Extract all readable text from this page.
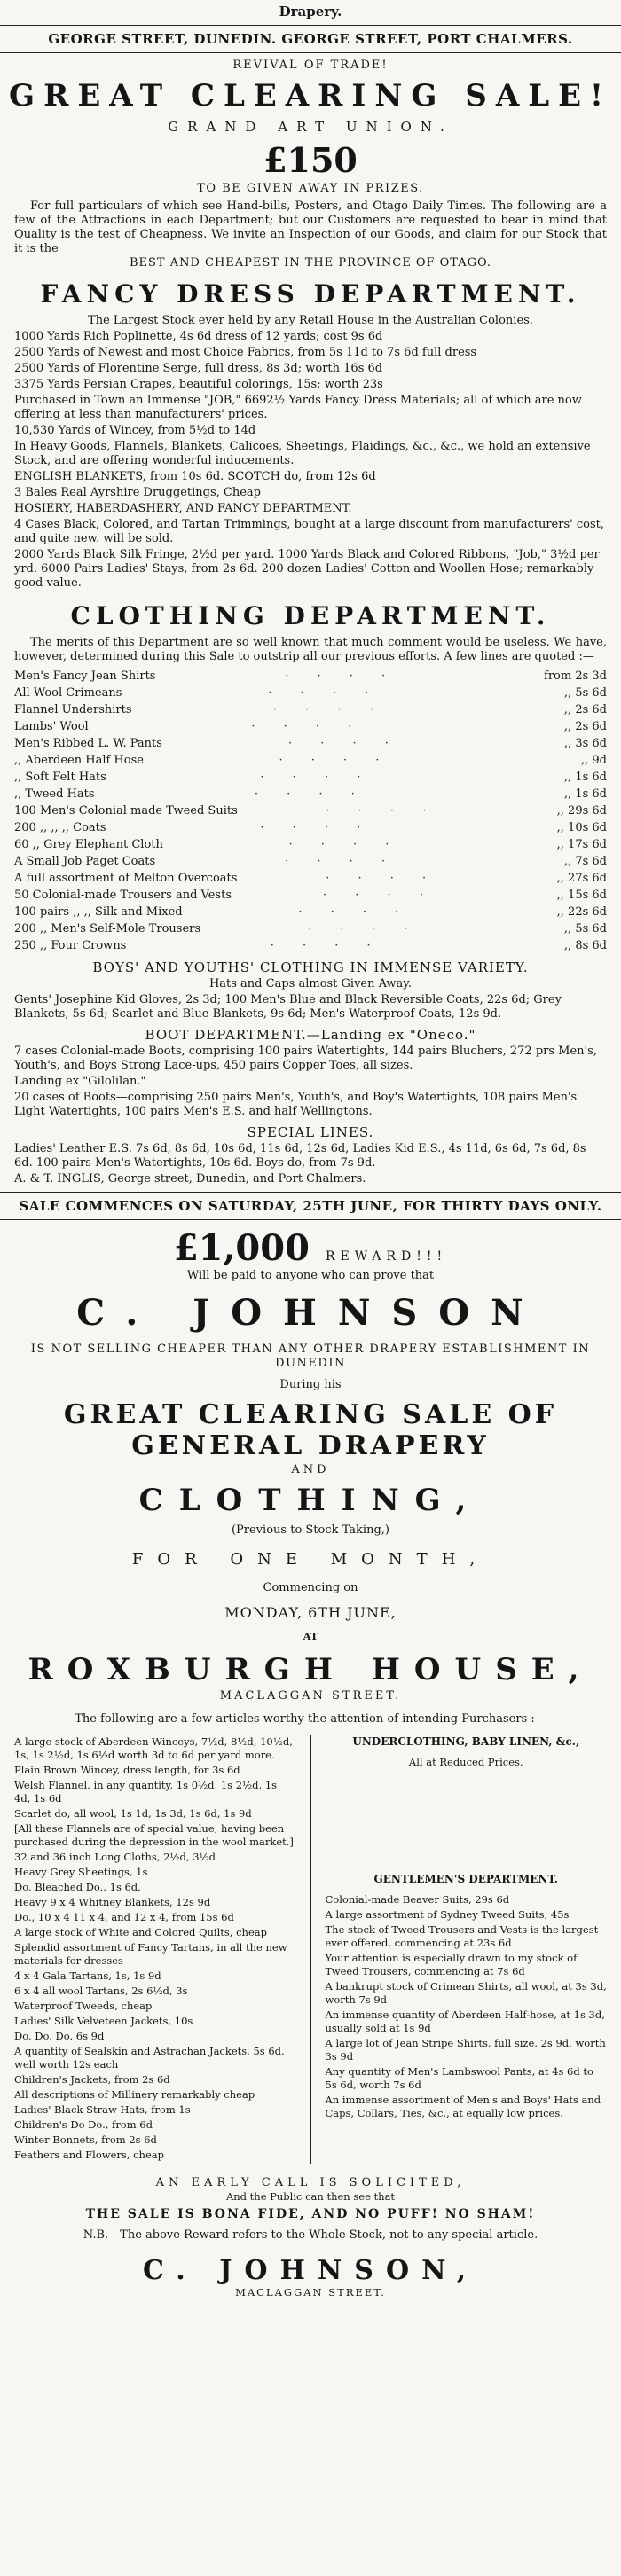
Drapery.
GEORGE STREET, DUNEDIN. GEORGE STREET, PORT CHALMERS.
REVIVAL OF TRADE!
GREAT CLEARING SALE!
GRAND ART UNION.
£150
TO BE GIVEN AWAY IN PRIZES.
For full particulars of which see Hand-bills, Posters, and Otago Daily Times. The following are a few of the Attractions in each Department; but our Customers are requested to bear in mind that Quality is the test of Cheapness. We invite an Inspection of our Goods, and claim for our Stock that it is the
BEST AND CHEAPEST IN THE PROVINCE OF OTAGO.
FANCY DRESS DEPARTMENT.
The Largest Stock ever held by any Retail House in the Australian Colonies.
1000 Yards Rich Poplinette, 4s 6d dress of 12 yards; cost 9s 6d
2500 Yards of Newest and most Choice Fabrics, from 5s 11d to 7s 6d full dress
2500 Yards of Florentine Serge, full dress, 8s 3d; worth 16s 6d
3375 Yards Persian Crapes, beautiful colorings, 15s; worth 23s
Purchased in Town an Immense "JOB," 6692½ Yards Fancy Dress Materials; all of which are now offering at less than manufacturers' prices.
10,530 Yards of Wincey, from 5½d to 14d
In Heavy Goods, Flannels, Blankets, Calicoes, Sheetings, Plaidings, &c., &c., we hold an extensive Stock, and are offering wonderful inducements.
ENGLISH BLANKETS, from 10s 6d. SCOTCH do, from 12s 6d
3 Bales Real Ayrshire Druggetings, Cheap
HOSIERY, HABERDASHERY, AND FANCY DEPARTMENT.
4 Cases Black, Colored, and Tartan Trimmings, bought at a large discount from manufacturers' cost, and quite new. will be sold.
2000 Yards Black Silk Fringe, 2½d per yard. 1000 Yards Black and Colored Ribbons, "Job," 3½d per yrd. 6000 Pairs Ladies' Stays, from 2s 6d. 200 dozen Ladies' Cotton and Woollen Hose; remarkably good value.
CLOTHING DEPARTMENT.
The merits of this Department are so well known that much comment would be useless. We have, however, determined during this Sale to outstrip all our previous efforts. A few lines are quoted :—
Men's Fancy Jean Shirts	· · · ·	from 2s 3d
All Wool Crimeans	· · · ·	,, 5s 6d
Flannel Undershirts	· · · ·	,, 2s 6d
Lambs' Wool	· · · ·	,, 2s 6d
Men's Ribbed L. W. Pants	· · · ·	,, 3s 6d
,, Aberdeen Half Hose	· · · ·	,, 9d
,, Soft Felt Hats	· · · ·	,, 1s 6d
,, Tweed Hats	· · · ·	,, 1s 6d
100 Men's Colonial made Tweed Suits	· · · ·	,, 29s 6d
200 ,, ,, ,, Coats	· · · ·	,, 10s 6d
60 ,, Grey Elephant Cloth	· · · ·	,, 17s 6d
A Small Job Paget Coats	· · · ·	,, 7s 6d
A full assortment of Melton Overcoats	· · · ·	,, 27s 6d
50 Colonial-made Trousers and Vests	· · · ·	,, 15s 6d
100 pairs ,, ,, Silk and Mixed	· · · ·	,, 22s 6d
200 ,, Men's Self-Mole Trousers	· · · ·	,, 5s 6d
250 ,, Four Crowns	· · · ·	,, 8s 6d
BOYS' AND YOUTHS' CLOTHING IN IMMENSE VARIETY.
Hats and Caps almost Given Away.
Gents' Josephine Kid Gloves, 2s 3d; 100 Men's Blue and Black Reversible Coats, 22s 6d; Grey Blankets, 5s 6d; Scarlet and Blue Blankets, 9s 6d; Men's Waterproof Coats, 12s 9d.
BOOT DEPARTMENT.—Landing ex "Oneco."
7 cases Colonial-made Boots, comprising 100 pairs Watertights, 144 pairs Bluchers, 272 prs Men's, Youth's, and Boys Strong Lace-ups, 450 pairs Copper Toes, all sizes.
Landing ex "Gilolilan."
20 cases of Boots—comprising 250 pairs Men's, Youth's, and Boy's Watertights, 108 pairs Men's Light Watertights, 100 pairs Men's E.S. and half Wellingtons.
SPECIAL LINES.
Ladies' Leather E.S. 7s 6d, 8s 6d, 10s 6d, 11s 6d, 12s 6d, Ladies Kid E.S., 4s 11d, 6s 6d, 7s 6d, 8s 6d. 100 pairs Men's Watertights, 10s 6d. Boys do, from 7s 9d.
A. & T. INGLIS, George street, Dunedin, and Port Chalmers.
SALE COMMENCES ON SATURDAY, 25TH JUNE, FOR THIRTY DAYS ONLY.
£1,000 REWARD!!!
Will be paid to anyone who can prove that
C. JOHNSON
IS NOT SELLING CHEAPER THAN ANY OTHER DRAPERY ESTABLISHMENT IN DUNEDIN
During his
GREAT CLEARING SALE OF GENERAL DRAPERY
AND
CLOTHING,
(Previous to Stock Taking,)
FOR ONE MONTH,
Commencing on
MONDAY, 6TH JUNE,
AT
ROXBURGH HOUSE,
MACLAGGAN STREET.
The following are a few articles worthy the attention of intending Purchasers :—
A large stock of Aberdeen Winceys, 7½d, 8½d, 10½d, 1s, 1s 2½d, 1s 6½d worth 3d to 6d per yard more.
Plain Brown Wincey, dress length, for 3s 6d
Welsh Flannel, in any quantity, 1s 0½d, 1s 2½d, 1s 4d, 1s 6d
Scarlet do, all wool, 1s 1d, 1s 3d, 1s 6d, 1s 9d
[All these Flannels are of special value, having been purchased during the depression in the wool market.]
32 and 36 inch Long Cloths, 2½d, 3½d
Heavy Grey Sheetings, 1s
Do. Bleached Do., 1s 6d.
Heavy 9 x 4 Whitney Blankets, 12s 9d
Do., 10 x 4 11 x 4, and 12 x 4, from 15s 6d
A large stock of White and Colored Quilts, cheap
Splendid assortment of Fancy Tartans, in all the new materials for dresses
4 x 4 Gala Tartans, 1s, 1s 9d
6 x 4 all wool Tartans, 2s 6½d, 3s
Waterproof Tweeds, cheap
Ladies' Silk Velveteen Jackets, 10s
Do. Do. Do. 6s 9d
A quantity of Sealskin and Astrachan Jackets, 5s 6d, well worth 12s each
Children's Jackets, from 2s 6d
All descriptions of Millinery remarkably cheap
Ladies' Black Straw Hats, from 1s
Children's Do Do., from 6d
Winter Bonnets, from 2s 6d
Feathers and Flowers, cheap
UNDERCLOTHING, BABY LINEN, &c.,
All at Reduced Prices.
GENTLEMEN'S DEPARTMENT.
Colonial-made Beaver Suits, 29s 6d
A large assortment of Sydney Tweed Suits, 45s
The stock of Tweed Trousers and Vests is the largest ever offered, commencing at 23s 6d
Your attention is especially drawn to my stock of Tweed Trousers, commencing at 7s 6d
A bankrupt stock of Crimean Shirts, all wool, at 3s 3d, worth 7s 9d
An immense quantity of Aberdeen Half-hose, at 1s 3d, usually sold at 1s 9d
A large lot of Jean Stripe Shirts, full size, 2s 9d, worth 3s 9d
Any quantity of Men's Lambswool Pants, at 4s 6d to 5s 6d, worth 7s 6d
An immense assortment of Men's and Boys' Hats and Caps, Collars, Ties, &c., at equally low prices.
AN EARLY CALL IS SOLICITED,
And the Public can then see that
THE SALE IS BONA FIDE, AND NO PUFF! NO SHAM!
N.B.—The above Reward refers to the Whole Stock, not to any special article.
C. JOHNSON,
MACLAGGAN STREET.
